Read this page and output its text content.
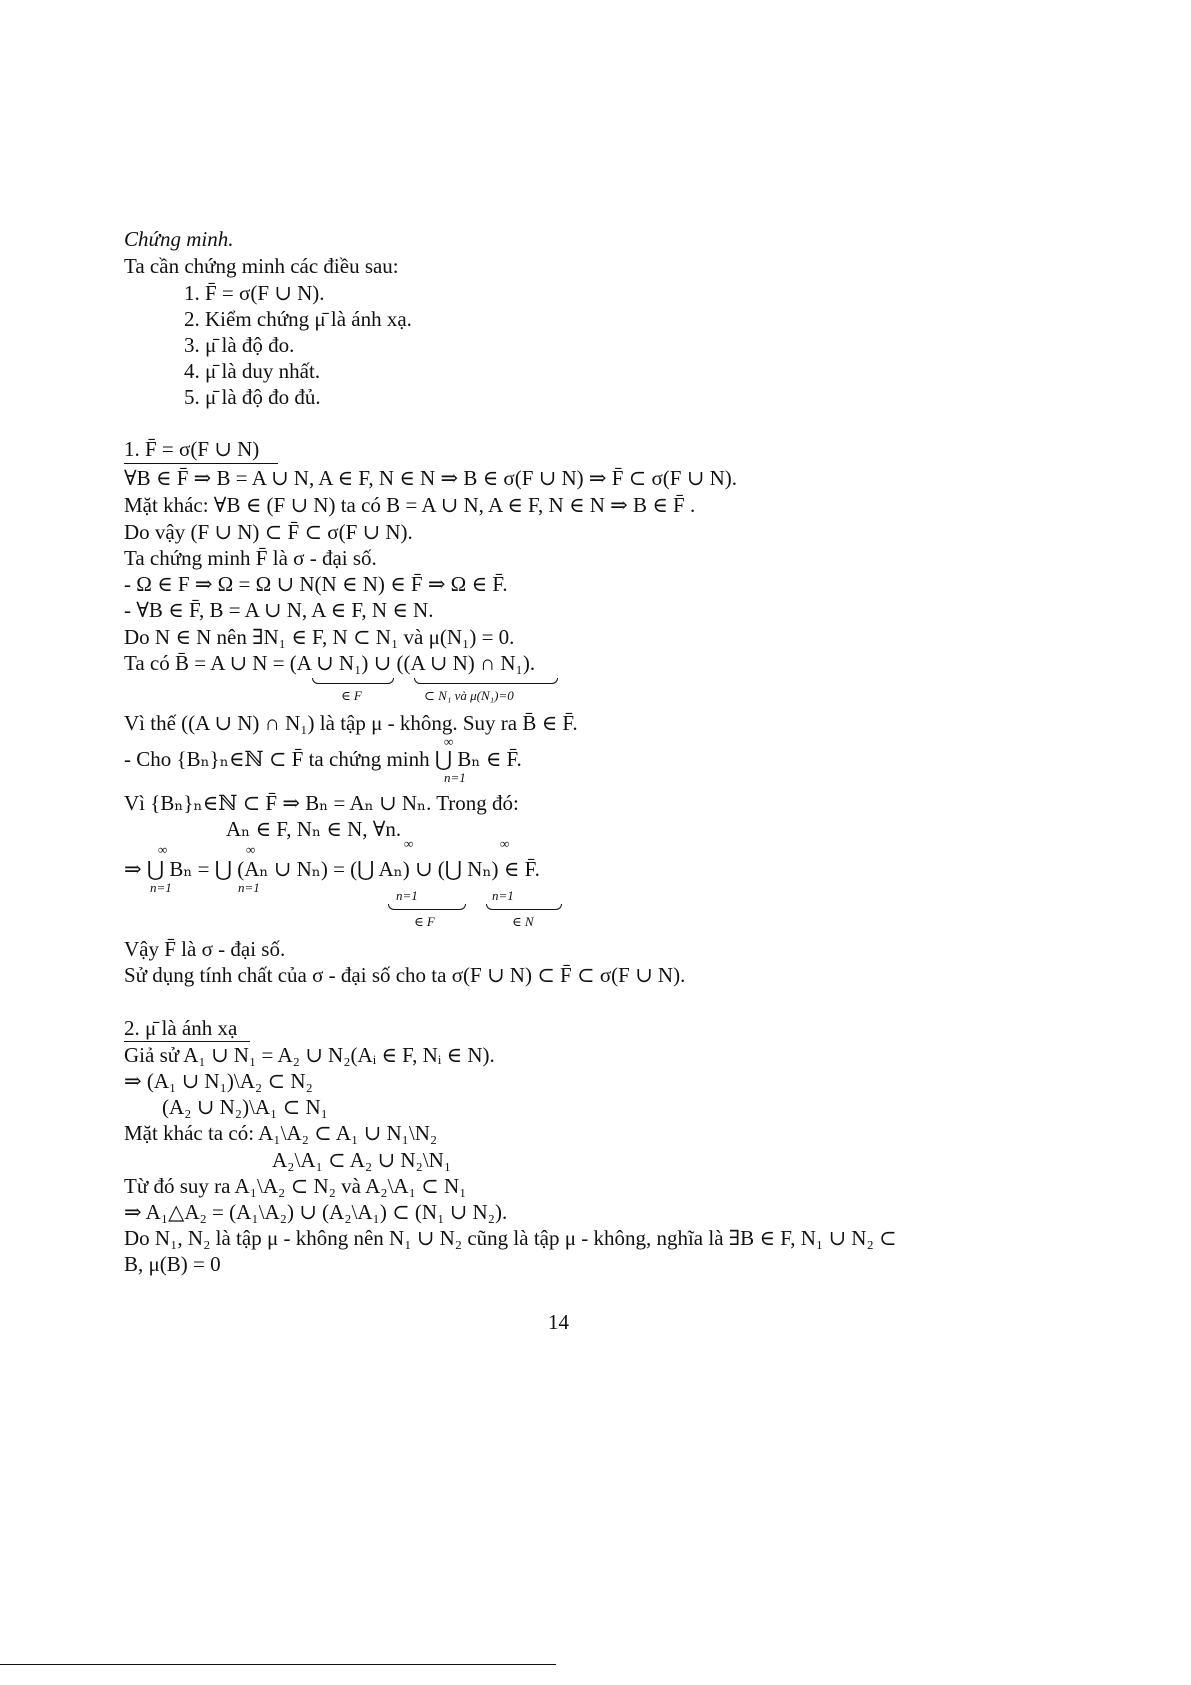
Chứng minh.
Ta cần chứng minh các điều sau:
1. F̄ = σ(F ∪ N).
2. Kiểm chứng μ̄ là ánh xạ.
3. μ̄ là độ đo.
4. μ̄ là duy nhất.
5. μ̄ là độ đo đủ.
1. F̄ = σ(F ∪ N)
∀B ∈ F̄ ⇒ B = A ∪ N, A ∈ F, N ∈ N ⇒ B ∈ σ(F ∪ N) ⇒ F̄ ⊂ σ(F ∪ N).
Mặt khác: ∀B ∈ (F ∪ N) ta có B = A ∪ N, A ∈ F, N ∈ N ⇒ B ∈ F̄ .
Do vậy (F ∪ N) ⊂ F̄ ⊂ σ(F ∪ N).
Ta chứng minh F̄ là σ - đại số.
- Ω ∈ F ⇒ Ω = Ω ∪ N(N ∈ N) ∈ F̄ ⇒ Ω ∈ F̄.
- ∀B ∈ F̄, B = A ∪ N, A ∈ F, N ∈ N.
Do N ∈ N nên ∃N₁ ∈ F, N ⊂ N₁ và μ(N₁) = 0.
Ta có B̄ = A ∪ N = (A ∪ N₁) ∪ ((A ∪ N) ∩ N₁).
∈ F	⊂ N₁ và μ(N₁)=0
Vì thế ((A ∪ N) ∩ N₁) là tập μ - không. Suy ra B̄ ∈ F̄.
- Cho {Bₙ}ₙ∈ℕ ⊂ F̄ ta chứng minh ⋃ Bₙ ∈ F̄.
∞
n=1
Vì {Bₙ}ₙ∈ℕ ⊂ F̄ ⇒ Bₙ = Aₙ ∪ Nₙ. Trong đó:
Aₙ ∈ F, Nₙ ∈ N, ∀n.
⇒ ⋃ Bₙ = ⋃ (Aₙ ∪ Nₙ) = (⋃ Aₙ) ∪ (⋃ Nₙ) ∈ F̄.
∞
n=1
∞
n=1
∞
n=1
∞
n=1
∈ F	∈ N
Vậy F̄ là σ - đại số.
Sử dụng tính chất của σ - đại số cho ta σ(F ∪ N) ⊂ F̄ ⊂ σ(F ∪ N).
2. μ̄ là ánh xạ
Giả sử A₁ ∪ N₁ = A₂ ∪ N₂(Aᵢ ∈ F, Nᵢ ∈ N).
⇒ (A₁ ∪ N₁)\A₂ ⊂ N₂
(A₂ ∪ N₂)\A₁ ⊂ N₁
Mặt khác ta có: A₁\A₂ ⊂ A₁ ∪ N₁\N₂
A₂\A₁ ⊂ A₂ ∪ N₂\N₁
Từ đó suy ra A₁\A₂ ⊂ N₂ và A₂\A₁ ⊂ N₁
⇒ A₁△A₂ = (A₁\A₂) ∪ (A₂\A₁) ⊂ (N₁ ∪ N₂).
Do N₁, N₂ là tập μ - không nên N₁ ∪ N₂ cũng là tập μ - không, nghĩa là ∃B ∈ F, N₁ ∪ N₂ ⊂
B, μ(B) = 0
14
